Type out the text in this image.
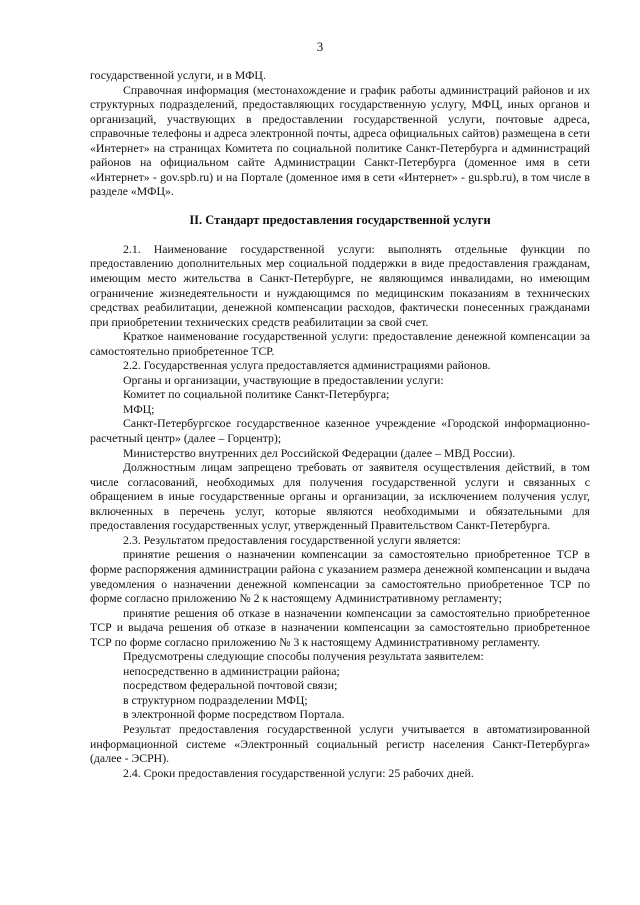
3

государственной услуги, и в МФЦ.

Справочная информация (местонахождение и график работы администраций районов и их структурных подразделений, предоставляющих государственную услугу, МФЦ, иных органов и организаций, участвующих в предоставлении государственной услуги, почтовые адреса, справочные телефоны и адреса электронной почты, адреса официальных сайтов) размещена в сети «Интернет» на страницах Комитета по социальной политике Санкт-Петербурга и администраций районов на официальном сайте Администрации Санкт-Петербурга (доменное имя в сети «Интернет» - gov.spb.ru) и на Портале (доменное имя в сети «Интернет» - gu.spb.ru), в том числе в разделе «МФЦ».

II. Стандарт предоставления государственной услуги

2.1. Наименование государственной услуги: выполнять отдельные функции по предоставлению дополнительных мер социальной поддержки в виде предоставления гражданам, имеющим место жительства в Санкт-Петербурге, не являющимся инвалидами, но имеющим ограничение жизнедеятельности и нуждающимся по медицинским показаниям в технических средствах реабилитации, денежной компенсации расходов, фактически понесенных гражданами при приобретении технических средств реабилитации за свой счет.

Краткое наименование государственной услуги: предоставление денежной компенсации за самостоятельно приобретенное ТСР.

2.2. Государственная услуга предоставляется администрациями районов.

Органы и организации, участвующие в предоставлении услуги:

Комитет по социальной политике Санкт-Петербурга;

МФЦ;

Санкт-Петербургское государственное казенное учреждение «Городской информационно-расчетный центр» (далее – Горцентр);

Министерство внутренних дел Российской Федерации (далее – МВД России).

Должностным лицам запрещено требовать от заявителя осуществления действий, в том числе согласований, необходимых для получения государственной услуги и связанных с обращением в иные государственные органы и организации, за исключением получения услуг, включенных в перечень услуг, которые являются необходимыми и обязательными для предоставления государственных услуг, утвержденный Правительством Санкт-Петербурга.

2.3. Результатом предоставления государственной услуги является:

принятие решения о назначении компенсации за самостоятельно приобретенное ТСР в форме распоряжения администрации района с указанием размера денежной компенсации и выдача уведомления о назначении денежной компенсации за самостоятельно приобретенное ТСР по форме согласно приложению № 2 к настоящему Административному регламенту;

принятие решения об отказе в назначении компенсации за самостоятельно приобретенное ТСР и выдача решения об отказе в назначении компенсации за самостоятельно приобретенное ТСР по форме согласно приложению № 3 к настоящему Административному регламенту.

Предусмотрены следующие способы получения результата заявителем:

непосредственно в администрации района;

посредством федеральной почтовой связи;

в структурном подразделении МФЦ;

в электронной форме посредством Портала.

Результат предоставления государственной услуги учитывается в автоматизированной информационной системе «Электронный социальный регистр населения Санкт-Петербурга» (далее - ЭСРН).

2.4. Сроки предоставления государственной услуги: 25 рабочих дней.
